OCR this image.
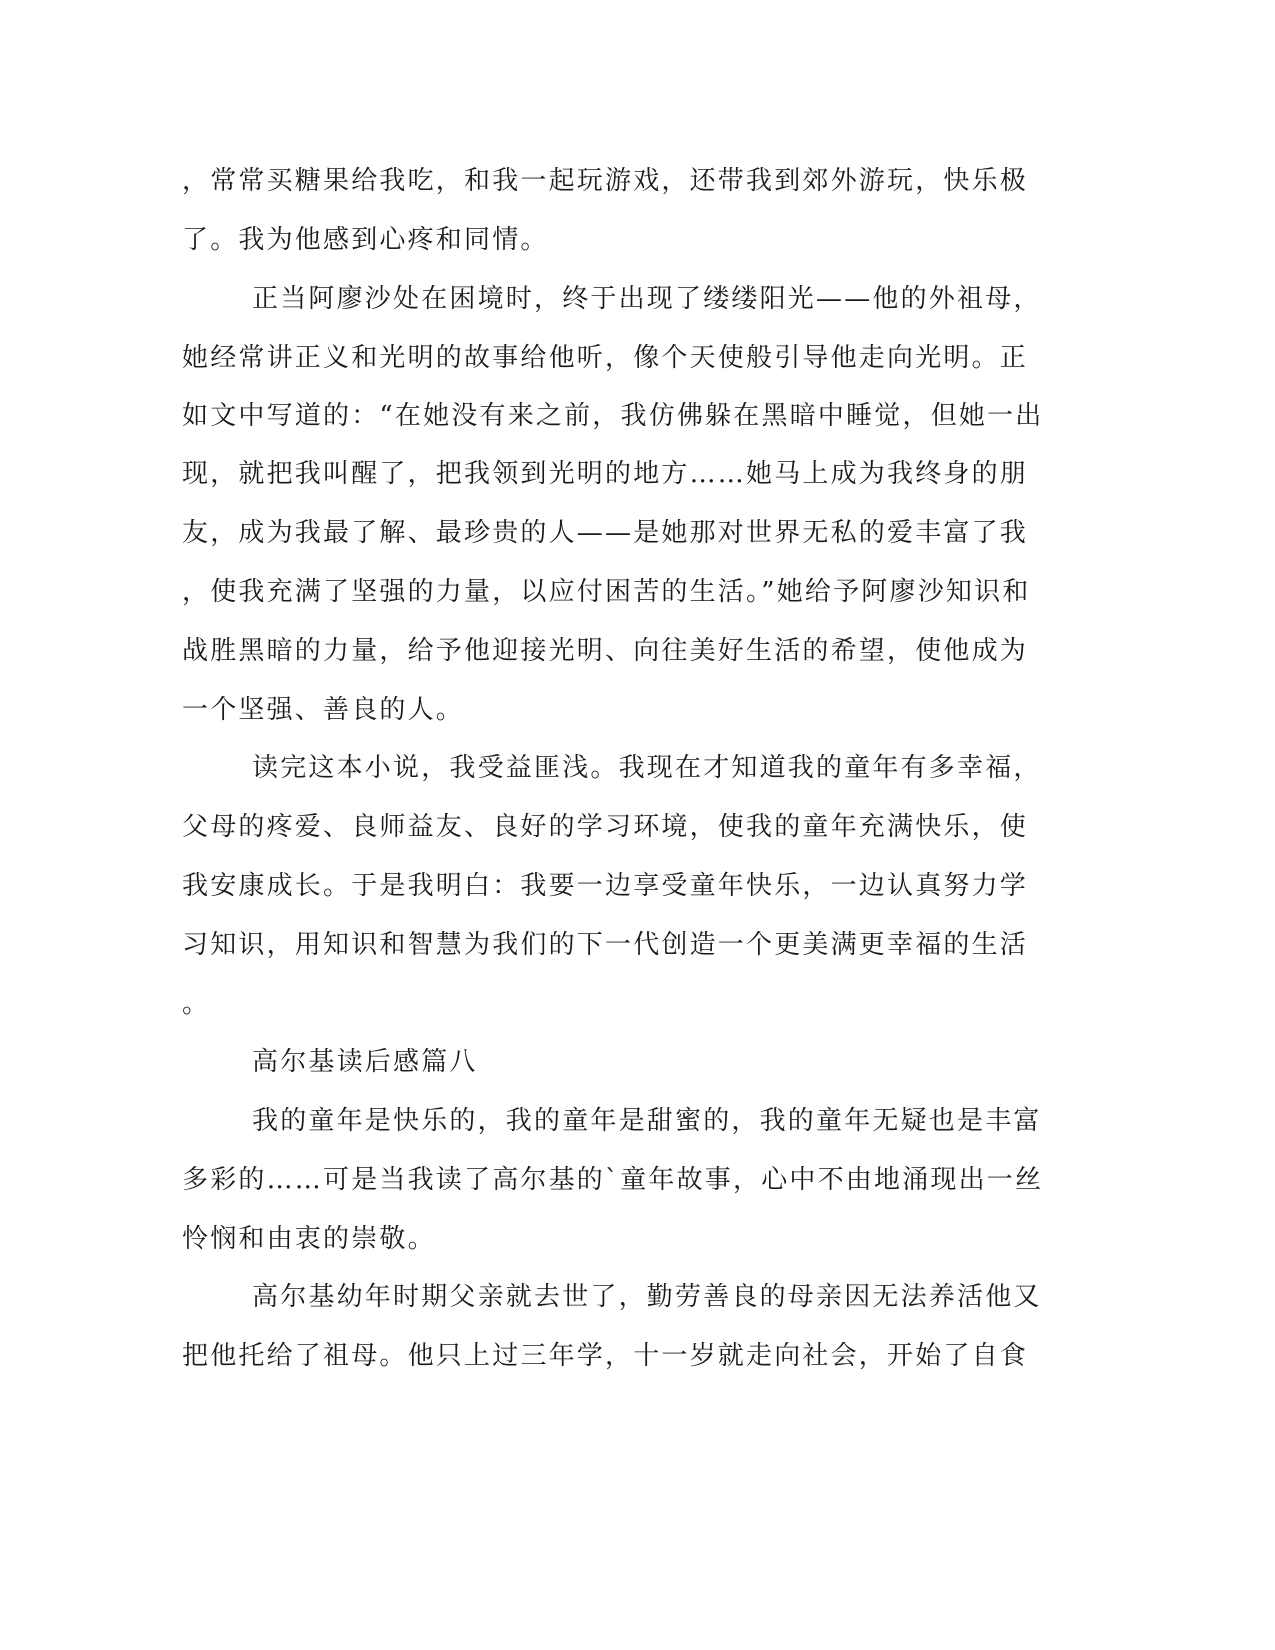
，常常买糖果给我吃，和我一起玩游戏，还带我到郊外游玩，快乐极
了。我为他感到心疼和同情。
正当阿廖沙处在困境时，终于出现了缕缕阳光——他的外祖母，
她经常讲正义和光明的故事给他听，像个天使般引导他走向光明。正
如文中写道的：“在她没有来之前，我仿佛躲在黑暗中睡觉，但她一出
现，就把我叫醒了，把我领到光明的地方……她马上成为我终身的朋
友，成为我最了解、最珍贵的人——是她那对世界无私的爱丰富了我
，使我充满了坚强的力量，以应付困苦的生活。”她给予阿廖沙知识和
战胜黑暗的力量，给予他迎接光明、向往美好生活的希望，使他成为
一个坚强、善良的人。
读完这本小说，我受益匪浅。我现在才知道我的童年有多幸福，
父母的疼爱、良师益友、良好的学习环境，使我的童年充满快乐，使
我安康成长。于是我明白：我要一边享受童年快乐，一边认真努力学
习知识，用知识和智慧为我们的下一代创造一个更美满更幸福的生活
。
高尔基读后感篇八
我的童年是快乐的，我的童年是甜蜜的，我的童年无疑也是丰富
多彩的……可是当我读了高尔基的`童年故事，心中不由地涌现出一丝
怜悯和由衷的崇敬。
高尔基幼年时期父亲就去世了，勤劳善良的母亲因无法养活他又
把他托给了祖母。他只上过三年学，十一岁就走向社会，开始了自食
